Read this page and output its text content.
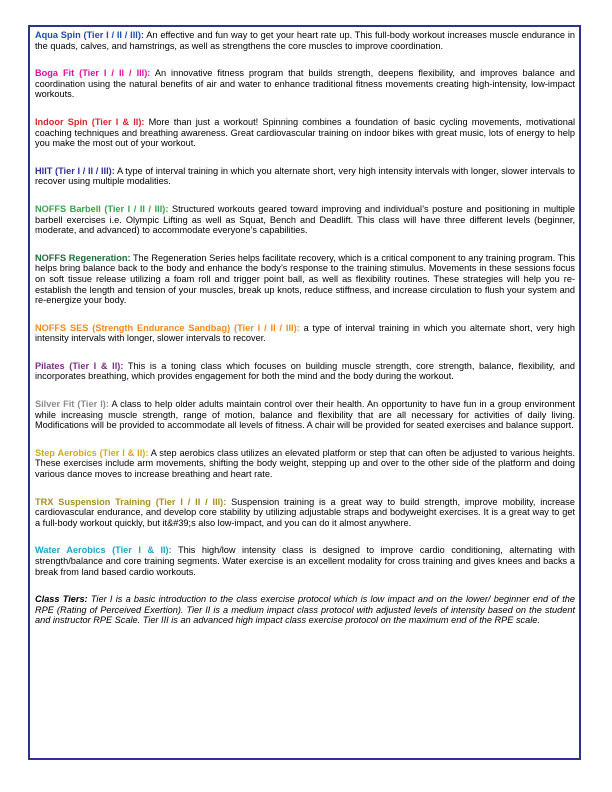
Aqua Spin (Tier I / II / III): An effective and fun way to get your heart rate up. This full-body workout increases muscle endurance in the quads, calves, and hamstrings, as well as strengthens the core muscles to improve coordination.

Boga Fit (Tier I / II / III): An innovative fitness program that builds strength, deepens flexibility, and improves balance and coordination using the natural benefits of air and water to enhance traditional fitness movements creating high-intensity, low-impact workouts.

Indoor Spin (Tier I & II): More than just a workout! Spinning combines a foundation of basic cycling movements, motivational coaching techniques and breathing awareness. Great cardiovascular training on indoor bikes with great music, lots of energy to help you make the most out of your workout.

HIIT (Tier I / II / III): A type of interval training in which you alternate short, very high intensity intervals with longer, slower intervals to recover using multiple modalities.

NOFFS Barbell (Tier I / II / III): Structured workouts geared toward improving and individual’s posture and positioning in multiple barbell exercises i.e. Olympic Lifting as well as Squat, Bench and Deadlift. This class will have three different levels (beginner, moderate, and advanced) to accommodate everyone’s capabilities.

NOFFS Regeneration: The Regeneration Series helps facilitate recovery, which is a critical component to any training program. This helps bring balance back to the body and enhance the body’s response to the training stimulus. Movements in these sessions focus on soft tissue release utilizing a foam roll and trigger point ball, as well as flexibility routines. These strategies will help you re-establish the length and tension of your muscles, break up knots, reduce stiffness, and increase circulation to flush your system and re-energize your body.

NOFFS SES (Strength Endurance Sandbag) (Tier I / II / III): a type of interval training in which you alternate short, very high intensity intervals with longer, slower intervals to recover.

Pilates (Tier I & II): This is a toning class which focuses on building muscle strength, core strength, balance, flexibility, and incorporates breathing, which provides engagement for both the mind and the body during the workout.

Silver Fit (Tier I): A class to help older adults maintain control over their health. An opportunity to have fun in a group environment while increasing muscle strength, range of motion, balance and flexibility that are all necessary for activities of daily living. Modifications will be provided to accommodate all levels of fitness. A chair will be provided for seated exercises and balance support.

Step Aerobics (Tier I & II): A step aerobics class utilizes an elevated platform or step that can often be adjusted to various heights. These exercises include arm movements, shifting the body weight, stepping up and over to the other side of the platform and doing various dance moves to increase breathing and heart rate.

TRX Suspension Training (Tier I / II / III): Suspension training is a great way to build strength, improve mobility, increase cardiovascular endurance, and develop core stability by utilizing adjustable straps and bodyweight exercises. It is a great way to get a full-body workout quickly, but it&#39;s also low-impact, and you can do it almost anywhere.

Water Aerobics (Tier I & II): This high/low intensity class is designed to improve cardio conditioning, alternating with strength/balance and core training segments. Water exercise is an excellent modality for cross training and gives knees and backs a break from land based cardio workouts.

Class Tiers: Tier I is a basic introduction to the class exercise protocol which is low impact and on the lower/ beginner end of the RPE (Rating of Perceived Exertion). Tier II is a medium impact class protocol with adjusted levels of intensity based on the student and instructor RPE Scale. Tier III is an advanced high impact class exercise protocol on the maximum end of the RPE scale.
